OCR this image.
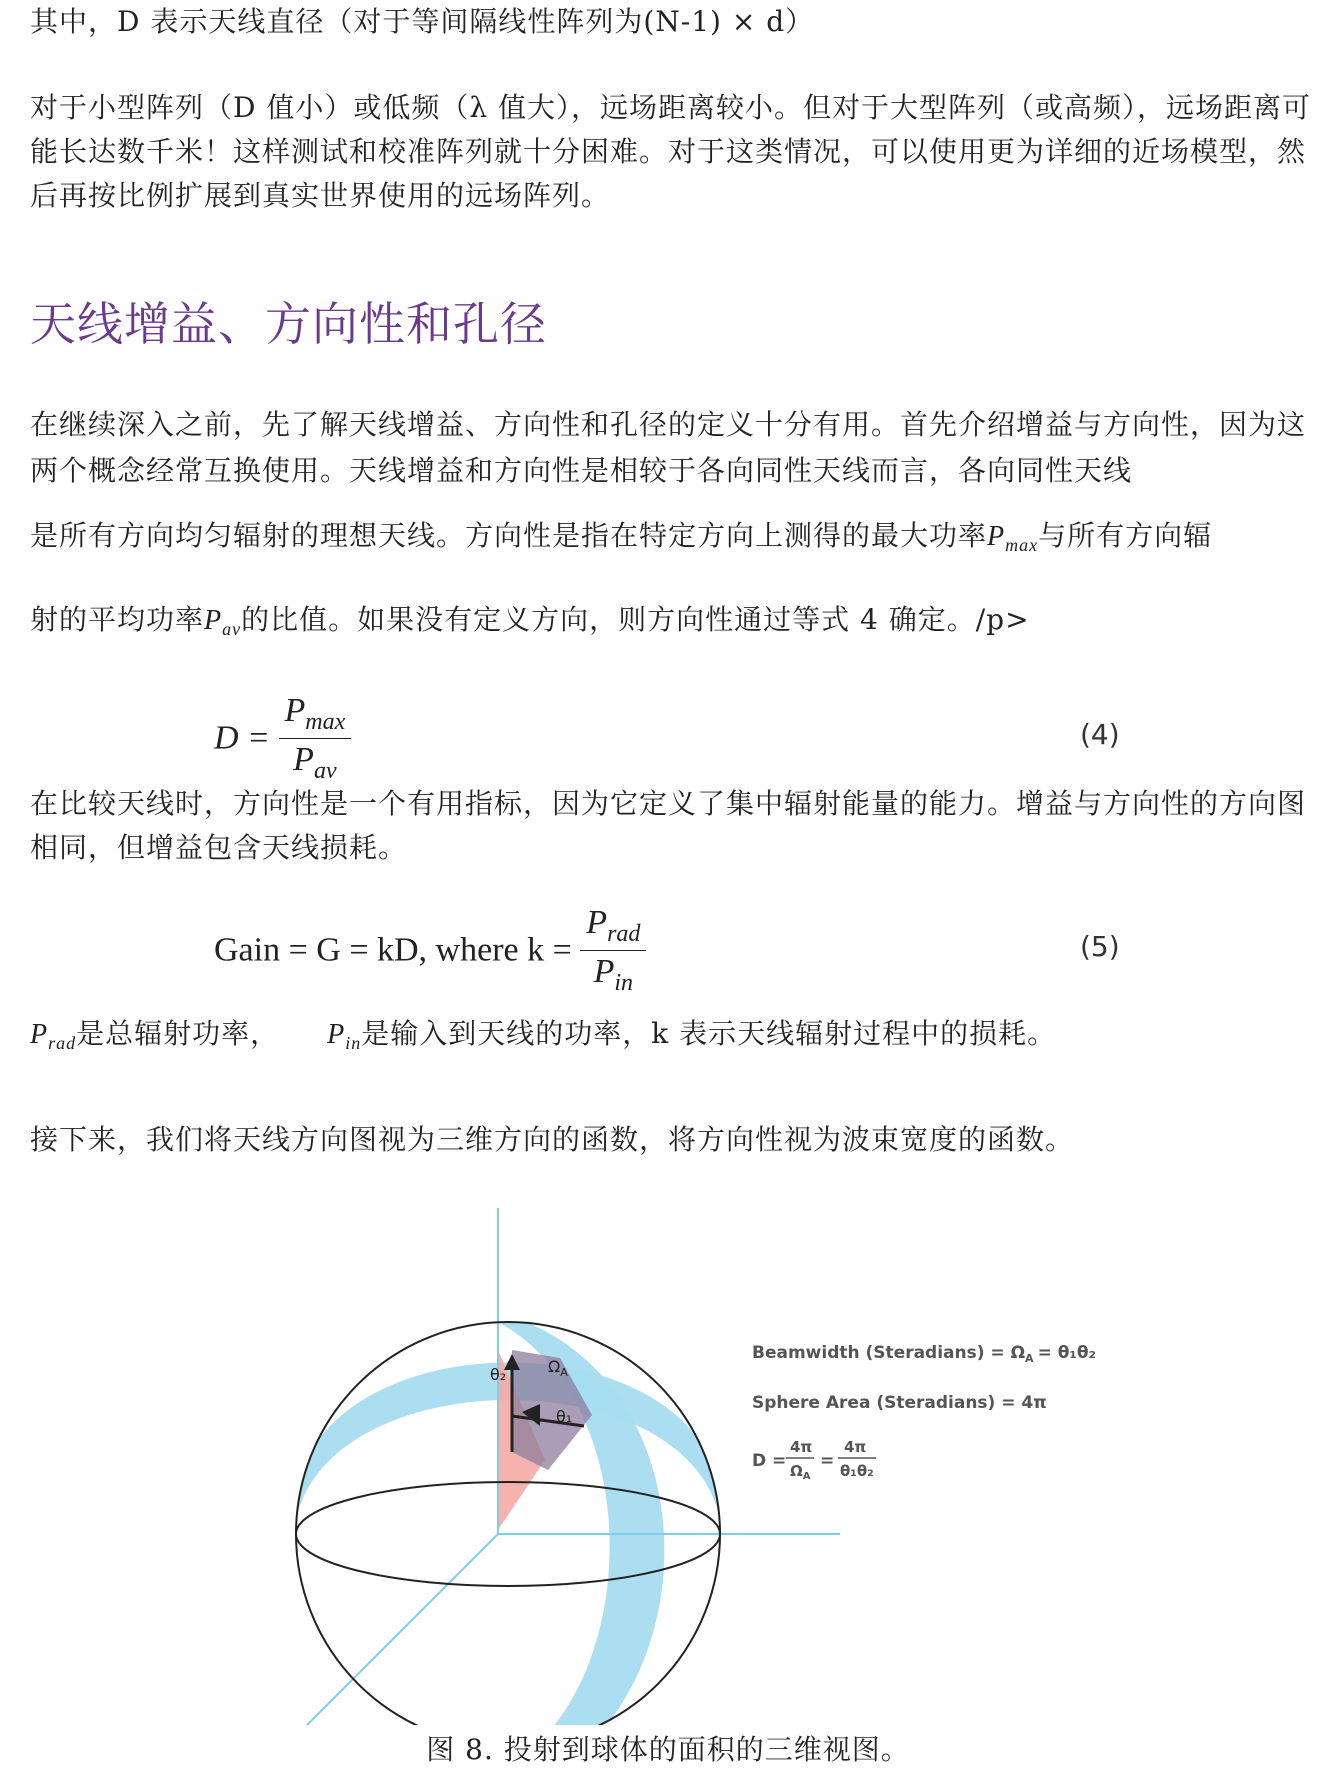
其中，D 表示天线直径（对于等间隔线性阵列为(N-1) × d）

对于小型阵列（D 值小）或低频（λ 值大），远场距离较小。但对于大型阵列（或高频），远场距离可能长达数千米！这样测试和校准阵列就十分困难。对于这类情况，可以使用更为详细的近场模型，然后再按比例扩展到真实世界使用的远场阵列。

天线增益、方向性和孔径

在继续深入之前，先了解天线增益、方向性和孔径的定义十分有用。首先介绍增益与方向性，因为这两个概念经常互换使用。天线增益和方向性是相较于各向同性天线而言，各向同性天线

是所有方向均匀辐射的理想天线。方向性是指在特定方向上测得的最大功率$P_{max}$与所有方向辐

射的平均功率$P_{av}$的比值。如果没有定义方向，则方向性通过等式 4 确定。/p>

$D = \frac{P_{max}}{P_{av}}$	(4)

在比较天线时，方向性是一个有用指标，因为它定义了集中辐射能量的能力。增益与方向性的方向图相同，但增益包含天线损耗。

Gain = G = kD, where $k = \frac{P_{rad}}{P_{in}}$	(5)

$P_{rad}$是总辐射功率， $P_{in}$是输入到天线的功率，k 表示天线辐射过程中的损耗。

接下来，我们将天线方向图视为三维方向的函数，将方向性视为波束宽度的函数。

θ₂	$\Omega_A$
θ₁
Beamwidth (Steradians) = $\Omega_A = \theta_1\theta_2$
Sphere Area (Steradians) = 4π
D =
4π
$\Omega_A$
=
4π
θ₁θ₂
图 8. 投射到球体的面积的三维视图。
